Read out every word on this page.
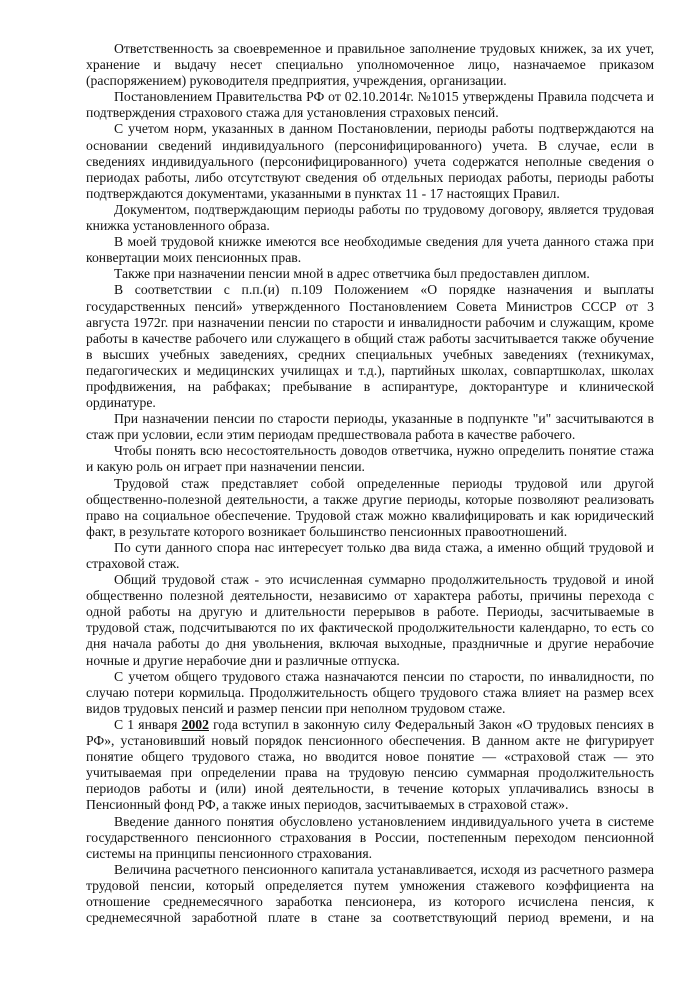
Ответственность за своевременное и правильное заполнение трудовых книжек, за их учет, хранение и выдачу несет специально уполномоченное лицо, назначаемое приказом (распоряжением) руководителя предприятия, учреждения, организации.

Постановлением Правительства РФ от 02.10.2014г. №1015 утверждены Правила подсчета и подтверждения страхового стажа для установления страховых пенсий.

С учетом норм, указанных в данном Постановлении, периоды работы подтверждаются на основании сведений индивидуального (персонифицированного) учета. В случае, если в сведениях индивидуального (персонифицированного) учета содержатся неполные сведения о периодах работы, либо отсутствуют сведения об отдельных периодах работы, периоды работы подтверждаются документами, указанными в пунктах 11 - 17 настоящих Правил.

Документом, подтверждающим периоды работы по трудовому договору, является трудовая книжка установленного образа.

В моей трудовой книжке имеются все необходимые сведения для учета данного стажа при конвертации моих пенсионных прав.

Также при назначении пенсии мной в адрес ответчика был предоставлен диплом.

В соответствии с п.п.(и) п.109 Положением «О порядке назначения и выплаты государственных пенсий» утвержденного Постановлением Совета Министров СССР от 3 августа 1972г. при назначении пенсии по старости и инвалидности рабочим и служащим, кроме работы в качестве рабочего или служащего в общий стаж работы засчитывается также обучение в высших учебных заведениях, средних специальных учебных заведениях (техникумах, педагогических и медицинских училищах и т.д.), партийных школах, совпартшколах, школах профдвижения, на рабфаках; пребывание в аспирантуре, докторантуре и клинической ординатуре.

При назначении пенсии по старости периоды, указанные в подпункте "и" засчитываются в стаж при условии, если этим периодам предшествовала работа в качестве рабочего.

Чтобы понять всю несостоятельность доводов ответчика, нужно определить понятие стажа и какую роль он играет при назначении пенсии.

Трудовой стаж представляет собой определенные периоды трудовой или другой общественно-полезной деятельности, а также другие периоды, которые позволяют реализовать право на социальное обеспечение. Трудовой стаж можно квалифицировать и как юридический факт, в результате которого возникает большинство пенсионных правоотношений.

По сути данного спора нас интересует только два вида стажа, а именно общий трудовой и страховой стаж.

Общий трудовой стаж - это исчисленная суммарно продолжительность трудовой и иной общественно полезной деятельности, независимо от характера работы, причины перехода с одной работы на другую и длительности перерывов в работе. Периоды, засчитываемые в трудовой стаж, подсчитываются по их фактической продолжительности календарно, то есть со дня начала работы до дня увольнения, включая выходные, праздничные и другие нерабочие ночные и другие нерабочие дни и различные отпуска.

С учетом общего трудового стажа назначаются пенсии по старости, по инвалидности, по случаю потери кормильца. Продолжительность общего трудового стажа влияет на размер всех видов трудовых пенсий и размер пенсии при неполном трудовом стаже.

С 1 января 2002 года вступил в законную силу Федеральный Закон «О трудовых пенсиях в РФ», установивший новый порядок пенсионного обеспечения. В данном акте не фигурирует понятие общего трудового стажа, но вводится новое понятие — «страховой стаж — это учитываемая при определении права на трудовую пенсию суммарная продолжительность периодов работы и (или) иной деятельности, в течение которых уплачивались взносы в Пенсионный фонд РФ, а также иных периодов, засчитываемых в страховой стаж».

Введение данного понятия обусловлено установлением индивидуального учета в системе государственного пенсионного страхования в России, постепенным переходом пенсионной системы на принципы пенсионного страхования.

Величина расчетного пенсионного капитала устанавливается, исходя из расчетного размера трудовой пенсии, который определяется путем умножения стажевого коэффициента на отношение среднемесячного заработка пенсионера, из которого исчислена пенсия, к среднемесячной заработной плате в стане за соответствующий период времени, и на
